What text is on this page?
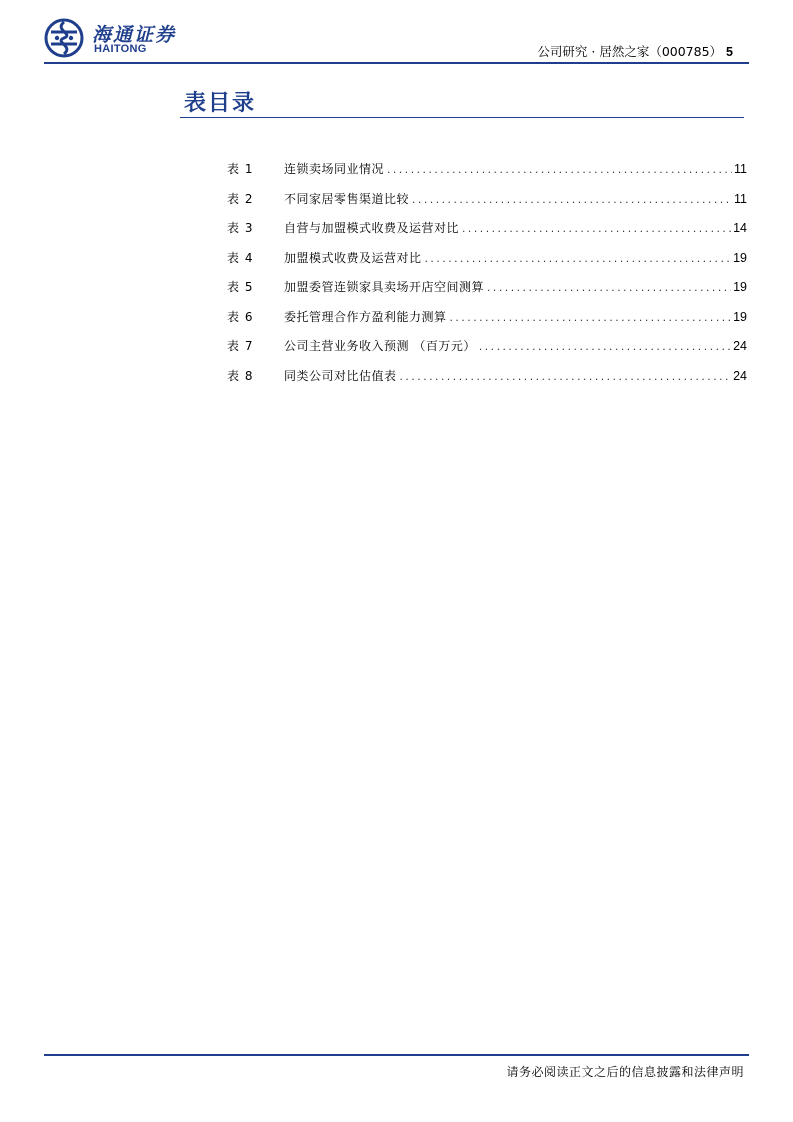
海通证券
HAITONG	公司研究 · 居然之家（000785） 5
表目录
表 1	连锁卖场同业情况 .....	11
表 2	不同家居零售渠道比较 .....	11
表 3	自营与加盟模式收费及运营对比 .....	14
表 4	加盟模式收费及运营对比 .....	19
表 5	加盟委管连锁家具卖场开店空间测算 .....	19
表 6	委托管理合作方盈利能力测算 .....	19
表 7	公司主营业务收入预测 （百万元） .....	24
表 8	同类公司对比估值表 .....	24
请务必阅读正文之后的信息披露和法律声明
